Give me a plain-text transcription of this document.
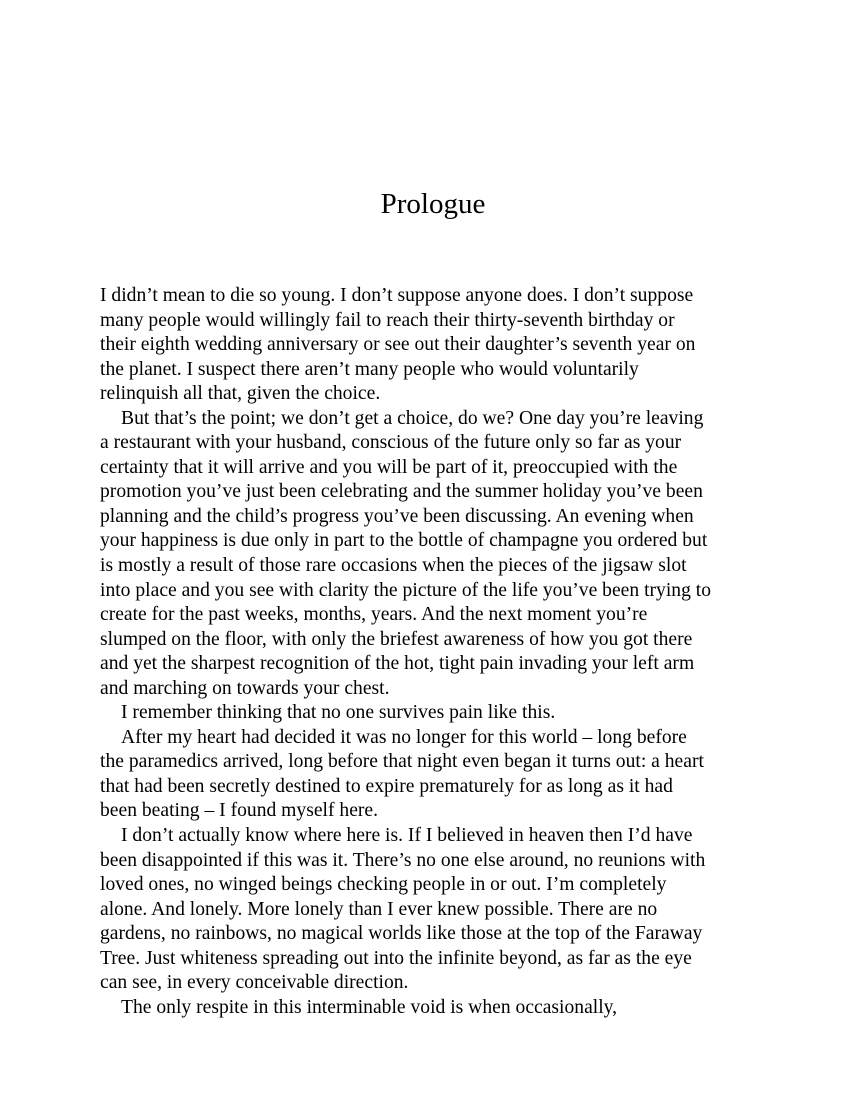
Prologue
I didn’t mean to die so young. I don’t suppose anyone does. I don’t suppose
many people would willingly fail to reach their thirty-seventh birthday or
their eighth wedding anniversary or see out their daughter’s seventh year on
the planet. I suspect there aren’t many people who would voluntarily
relinquish all that, given the choice.
But that’s the point; we don’t get a choice, do we? One day you’re leaving
a restaurant with your husband, conscious of the future only so far as your
certainty that it will arrive and you will be part of it, preoccupied with the
promotion you’ve just been celebrating and the summer holiday you’ve been
planning and the child’s progress you’ve been discussing. An evening when
your happiness is due only in part to the bottle of champagne you ordered but
is mostly a result of those rare occasions when the pieces of the jigsaw slot
into place and you see with clarity the picture of the life you’ve been trying to
create for the past weeks, months, years. And the next moment you’re
slumped on the floor, with only the briefest awareness of how you got there
and yet the sharpest recognition of the hot, tight pain invading your left arm
and marching on towards your chest.
I remember thinking that no one survives pain like this.
After my heart had decided it was no longer for this world – long before
the paramedics arrived, long before that night even began it turns out: a heart
that had been secretly destined to expire prematurely for as long as it had
been beating – I found myself here.
I don’t actually know where here is. If I believed in heaven then I’d have
been disappointed if this was it. There’s no one else around, no reunions with
loved ones, no winged beings checking people in or out. I’m completely
alone. And lonely. More lonely than I ever knew possible. There are no
gardens, no rainbows, no magical worlds like those at the top of the Faraway
Tree. Just whiteness spreading out into the infinite beyond, as far as the eye
can see, in every conceivable direction.
The only respite in this interminable void is when occasionally,
